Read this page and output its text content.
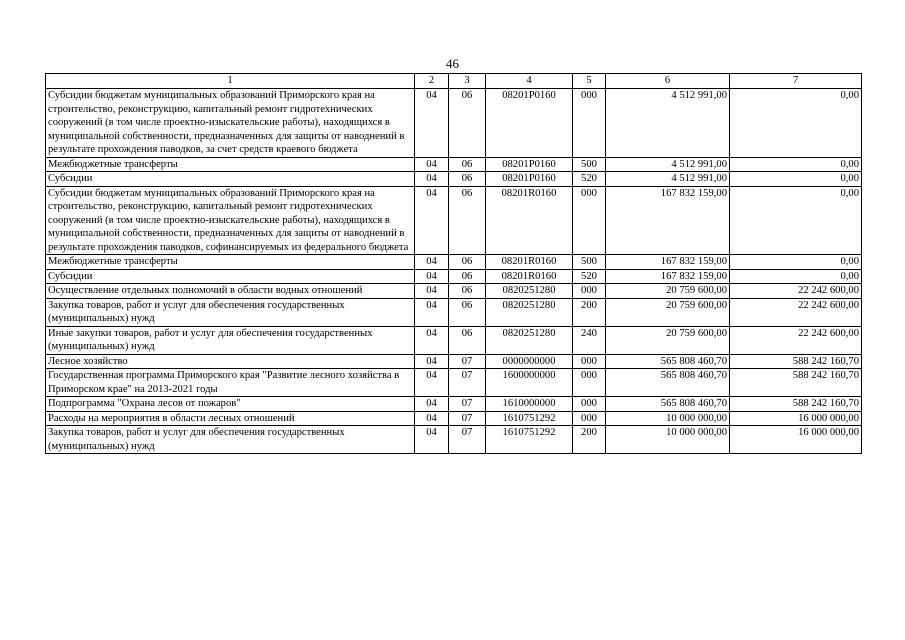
46
1	2	3	4	5	6	7
Субсидии бюджетам муниципальных образований Приморского края на строительство, реконструкцию, капитальный ремонт гидротехнических сооружений (в том числе проектно-изыскательские работы), находящихся в муниципальной собственности, предназначенных для защиты от наводнений в результате прохождения паводков, за счет средств краевого бюджета	04	06	08201Р0160	000	4 512 991,00	0,00
Межбюджетные трансферты	04	06	08201Р0160	500	4 512 991,00	0,00
Субсидии	04	06	08201Р0160	520	4 512 991,00	0,00
Субсидии бюджетам муниципальных образований Приморского края на строительство, реконструкцию, капитальный ремонт гидротехнических сооружений (в том числе проектно-изыскательские работы), находящихся в муниципальной собственности, предназначенных для защиты от наводнений в результате прохождения паводков, софинансируемых из федерального бюджета	04	06	08201R0160	000	167 832 159,00	0,00
Межбюджетные трансферты	04	06	08201R0160	500	167 832 159,00	0,00
Субсидии	04	06	08201R0160	520	167 832 159,00	0,00
Осуществление отдельных полномочий в области водных отношений	04	06	0820251280	000	20 759 600,00	22 242 600,00
Закупка товаров, работ и услуг для обеспечения государственных (муниципальных) нужд	04	06	0820251280	200	20 759 600,00	22 242 600,00
Иные закупки товаров, работ и услуг для обеспечения государственных (муниципальных) нужд	04	06	0820251280	240	20 759 600,00	22 242 600,00
Лесное хозяйство	04	07	0000000000	000	565 808 460,70	588 242 160,70
Государственная программа Приморского края "Развитие лесного хозяйства в Приморском крае" на 2013-2021 годы	04	07	1600000000	000	565 808 460,70	588 242 160,70
Подпрограмма "Охрана лесов от пожаров"	04	07	1610000000	000	565 808 460,70	588 242 160,70
Расходы на мероприятия в области лесных отношений	04	07	1610751292	000	10 000 000,00	16 000 000,00
Закупка товаров, работ и услуг для обеспечения государственных (муниципальных) нужд	04	07	1610751292	200	10 000 000,00	16 000 000,00
